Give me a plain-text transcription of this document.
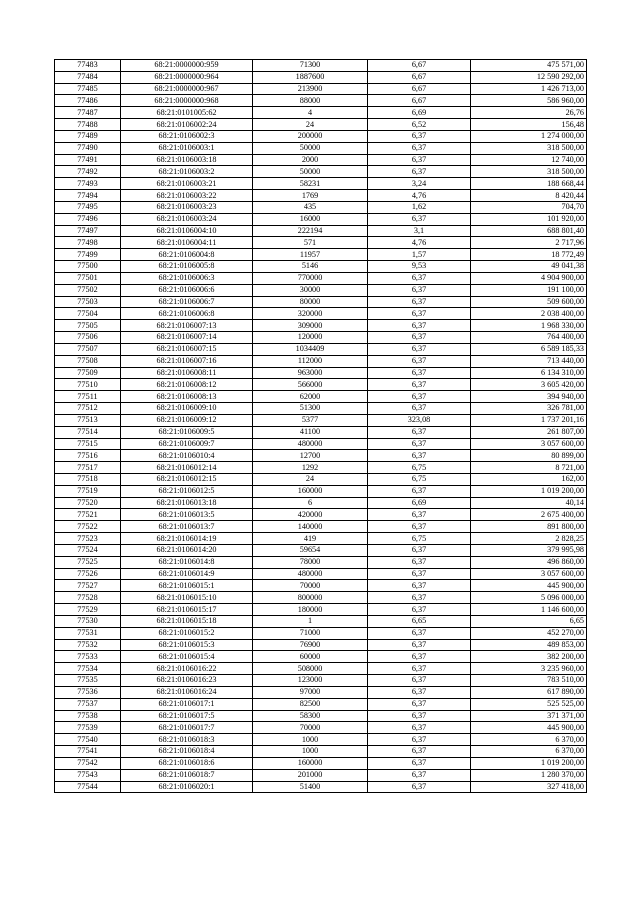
77483	68:21:0000000:959	71300	6,67	475 571,00
77484	68:21:0000000:964	1887600	6,67	12 590 292,00
77485	68:21:0000000:967	213900	6,67	1 426 713,00
77486	68:21:0000000:968	88000	6,67	586 960,00
77487	68:21:0101005:62	4	6,69	26,76
77488	68:21:0106002:24	24	6,52	156,48
77489	68:21:0106002:3	200000	6,37	1 274 000,00
77490	68:21:0106003:1	50000	6,37	318 500,00
77491	68:21:0106003:18	2000	6,37	12 740,00
77492	68:21:0106003:2	50000	6,37	318 500,00
77493	68:21:0106003:21	58231	3,24	188 668,44
77494	68:21:0106003:22	1769	4,76	8 420,44
77495	68:21:0106003:23	435	1,62	704,70
77496	68:21:0106003:24	16000	6,37	101 920,00
77497	68:21:0106004:10	222194	3,1	688 801,40
77498	68:21:0106004:11	571	4,76	2 717,96
77499	68:21:0106004:8	11957	1,57	18 772,49
77500	68:21:0106005:8	5146	9,53	49 041,38
77501	68:21:0106006:3	770000	6,37	4 904 900,00
77502	68:21:0106006:6	30000	6,37	191 100,00
77503	68:21:0106006:7	80000	6,37	509 600,00
77504	68:21:0106006:8	320000	6,37	2 038 400,00
77505	68:21:0106007:13	309000	6,37	1 968 330,00
77506	68:21:0106007:14	120000	6,37	764 400,00
77507	68:21:0106007:15	1034409	6,37	6 589 185,33
77508	68:21:0106007:16	112000	6,37	713 440,00
77509	68:21:0106008:11	963000	6,37	6 134 310,00
77510	68:21:0106008:12	566000	6,37	3 605 420,00
77511	68:21:0106008:13	62000	6,37	394 940,00
77512	68:21:0106009:10	51300	6,37	326 781,00
77513	68:21:0106009:12	5377	323,08	1 737 201,16
77514	68:21:0106009:5	41100	6,37	261 807,00
77515	68:21:0106009:7	480000	6,37	3 057 600,00
77516	68:21:0106010:4	12700	6,37	80 899,00
77517	68:21:0106012:14	1292	6,75	8 721,00
77518	68:21:0106012:15	24	6,75	162,00
77519	68:21:0106012:5	160000	6,37	1 019 200,00
77520	68:21:0106013:18	6	6,69	40,14
77521	68:21:0106013:5	420000	6,37	2 675 400,00
77522	68:21:0106013:7	140000	6,37	891 800,00
77523	68:21:0106014:19	419	6,75	2 828,25
77524	68:21:0106014:20	59654	6,37	379 995,98
77525	68:21:0106014:8	78000	6,37	496 860,00
77526	68:21:0106014:9	480000	6,37	3 057 600,00
77527	68:21:0106015:1	70000	6,37	445 900,00
77528	68:21:0106015:10	800000	6,37	5 096 000,00
77529	68:21:0106015:17	180000	6,37	1 146 600,00
77530	68:21:0106015:18	1	6,65	6,65
77531	68:21:0106015:2	71000	6,37	452 270,00
77532	68:21:0106015:3	76900	6,37	489 853,00
77533	68:21:0106015:4	60000	6,37	382 200,00
77534	68:21:0106016:22	508000	6,37	3 235 960,00
77535	68:21:0106016:23	123000	6,37	783 510,00
77536	68:21:0106016:24	97000	6,37	617 890,00
77537	68:21:0106017:1	82500	6,37	525 525,00
77538	68:21:0106017:5	58300	6,37	371 371,00
77539	68:21:0106017:7	70000	6,37	445 900,00
77540	68:21:0106018:3	1000	6,37	6 370,00
77541	68:21:0106018:4	1000	6,37	6 370,00
77542	68:21:0106018:6	160000	6,37	1 019 200,00
77543	68:21:0106018:7	201000	6,37	1 280 370,00
77544	68:21:0106020:1	51400	6,37	327 418,00
